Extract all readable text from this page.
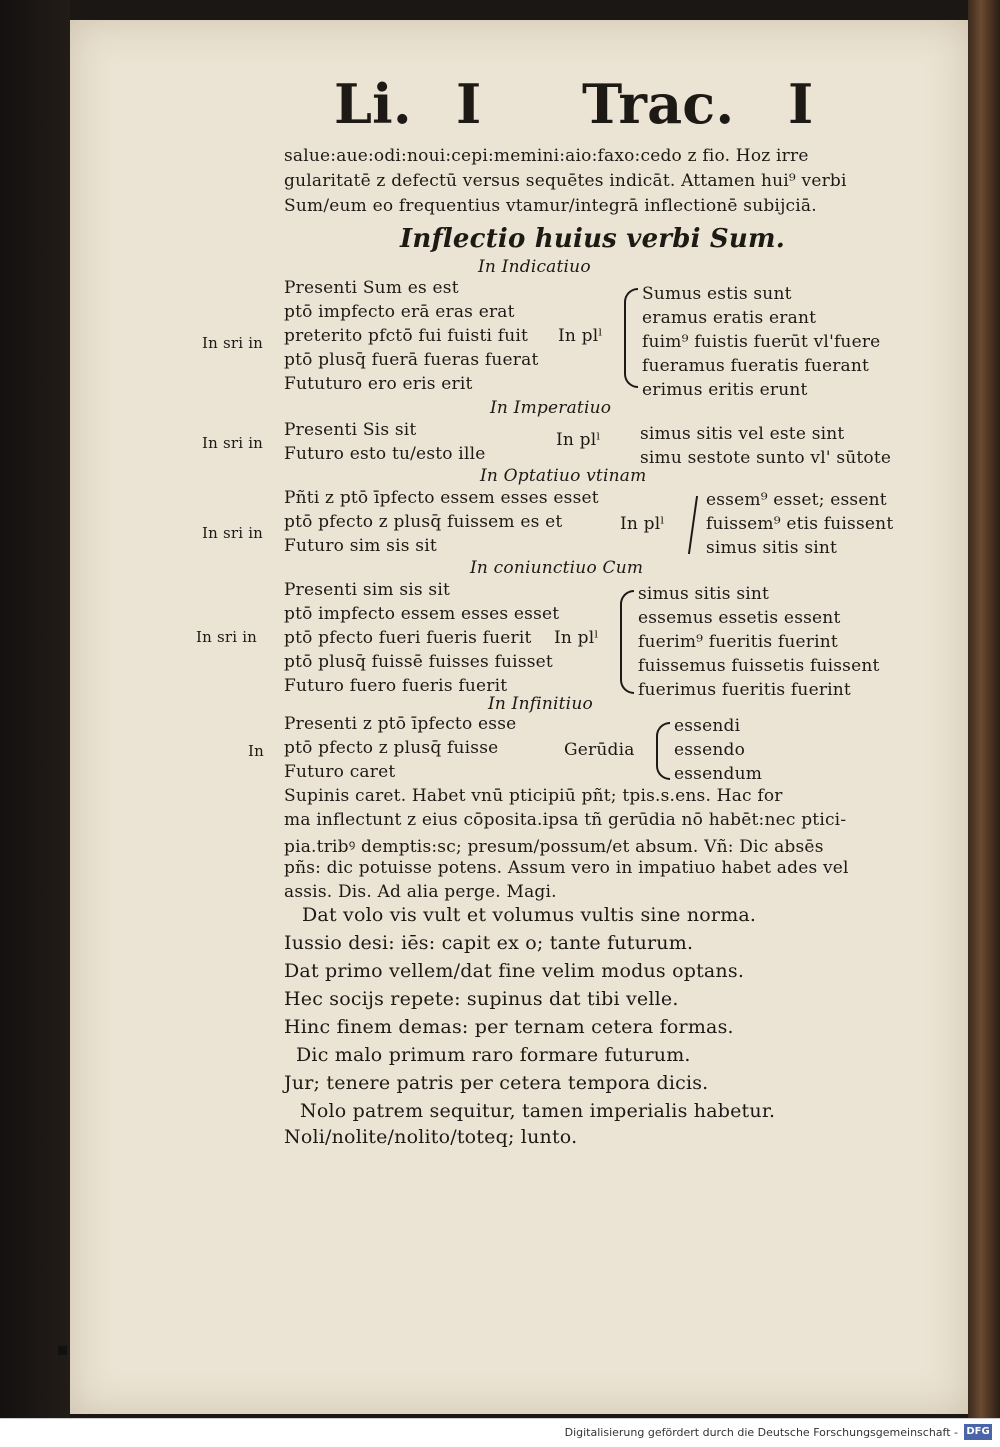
Li. I Trac. I
salue:aue:odi:noui:cepi:memini:aio:faxo:cedo z fio. Hoz irre
gularitatē z defectū versus sequētes indicāt. Attamen hui⁹ verbi
Sum/eum eo frequentius vtamur/integrā inflectionē subijciā.
Inflectio huius verbi Sum.
In Indicatiuo
In sri in
Presenti Sum es est
ptō impfecto erā eras erat
preterito pfctō fui fuisti fuit
ptō plusq̄ fuerā fueras fuerat
Fututuro ero eris erit
In plˡ
Sumus estis sunt
eramus eratis erant
fuim⁹ fuistis fuerūt vl'fuere
fueramus fueratis fuerant
erimus eritis erunt
In Imperatiuo
In sri in
Presenti Sis sit
Futuro esto tu/esto ille
In plˡ simus sitis vel este sint
simu sestote sunto vl' sūtote
In Optatiuo vtinam
In sri in
Pñti z ptō īpfecto essem esses esset
ptō pfecto z plusq̄ fuissem es et
Futuro sim sis sit
In plˡ
essem⁹ esset; essent
fuissem⁹ etis fuissent
simus sitis sint
In coniunctiuo Cum
In sri in
Presenti sim sis sit
ptō impfecto essem esses esset
ptō pfecto fueri fueris fuerit
ptō plusq̄ fuissē fuisses fuisset
Futuro fuero fueris fuerit
In plˡ
simus sitis sint
essemus essetis essent
fuerim⁹ fueritis fuerint
fuissemus fuissetis fuissent
fuerimus fueritis fuerint
In Infinitiuo
In
Presenti z ptō īpfecto esse
ptō pfecto z plusq̄ fuisse
Futuro caret
Gerūdia
essendi
essendo
essendum
Supinis caret. Habet vnū pticipiū pñt; tpis.s.ens. Hac for
ma inflectunt z eius cōposita.ipsa tñ gerūdia nō habēt:nec ptici-
pia.tribꝰ demptis:sc; presum/possum/et absum. Vñ: Dic absēs
pñs: dic potuisse potens. Assum vero in impatiuo habet ades vel
assis. Dis. Ad alia perge. Magi.
Dat volo vis vult et volumus vultis sine norma.
Iussio desi: iēs: capit ex o; tante futurum.
Dat primo vellem/dat fine velim modus optans.
Hec socijs repete: supinus dat tibi velle.
Hinc finem demas: per ternam cetera formas.
Dic malo primum raro formare futurum.
Jur; tenere patris per cetera tempora dicis.
Nolo patrem sequitur, tamen imperialis habetur.
Noli/nolite/nolito/toteq; lunto.
Digitalisierung gefördert durch die Deutsche Forschungsgemeinschaft - DFG
